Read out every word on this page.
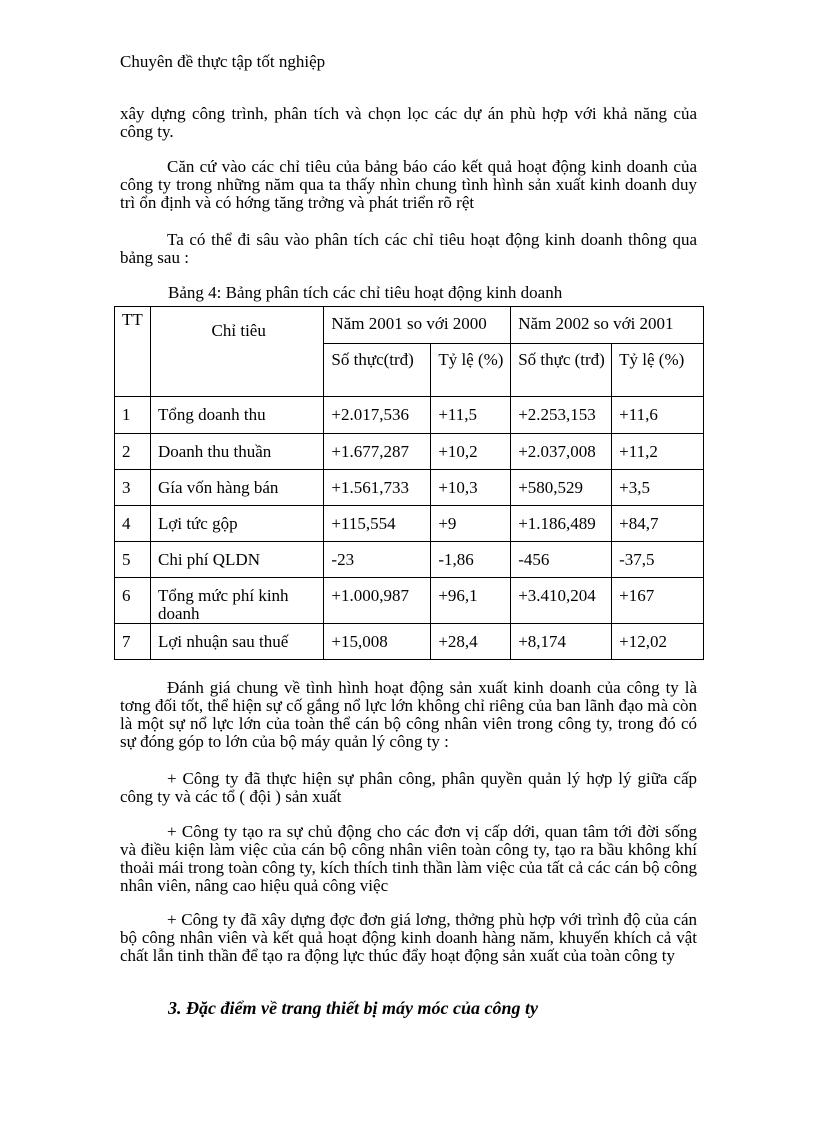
Chuyên đề thực tập tốt nghiệp
xây dựng công trình, phân tích và chọn lọc các dự án phù hợp với khả năng của công ty.
Căn cứ vào các chỉ tiêu của bảng báo cáo kết quả hoạt động kinh doanh của công ty trong những năm qua ta thấy nhìn chung tình hình sản xuất kinh doanh duy trì ổn định và có hớng tăng trởng và phát triển rõ rệt
Ta có thể đi sâu vào phân tích các chỉ tiêu hoạt động kinh doanh thông qua bảng sau :
Bảng 4: Bảng phân tích các chỉ tiêu hoạt động kinh doanh
TT	Chỉ tiêu	Năm 2001 so với 2000		Năm 2002 so với 2001	
		Số thực(trđ)	Tỷ lệ (%)	Số thực (trđ)	Tỷ lệ (%)
1	Tổng doanh thu	+2.017,536	+11,5	+2.253,153	+11,6
2	Doanh thu thuần	+1.677,287	+10,2	+2.037,008	+11,2
3	Gía vốn hàng bán	+1.561,733	+10,3	+580,529	+3,5
4	Lợi tức gộp	+115,554	+9	+1.186,489	+84,7
5	Chi phí QLDN	-23	-1,86	-456	-37,5
6	Tổng mức phí kinh doanh	+1.000,987	+96,1	+3.410,204	+167
7	Lợi nhuận sau thuế	+15,008	+28,4	+8,174	+12,02
Đánh giá chung về tình hình hoạt động sản xuất kinh doanh của công ty là tơng đối tốt, thể hiện sự cố gắng nổ lực lớn không chỉ riêng của ban lãnh đạo mà còn là một sự nổ lực lớn của toàn thể cán bộ công nhân viên trong công ty, trong đó có sự đóng góp to lớn của bộ máy quản lý công ty :
+ Công ty đã thực hiện sự phân công, phân quyền quản lý hợp lý giữa cấp công ty và các tổ ( đội ) sản xuất
+ Công ty tạo ra sự chủ động cho các đơn vị cấp dới, quan tâm tới đời sống và điều kiện làm việc của cán bộ công nhân viên toàn công ty, tạo ra bầu không khí thoải mái trong toàn công ty, kích thích tinh thần làm việc của tất cả các cán bộ công nhân viên, nâng cao hiệu quả công việc
+ Công ty đã xây dựng đợc đơn giá lơng, thởng phù hợp với trình độ của cán bộ công nhân viên và kết quả hoạt động kinh doanh hàng năm, khuyến khích cả vật chất lẫn tinh thần để tạo ra động lực thúc đẩy hoạt động sản xuất của toàn công ty
3. Đặc điểm về trang thiết bị máy móc của công ty
